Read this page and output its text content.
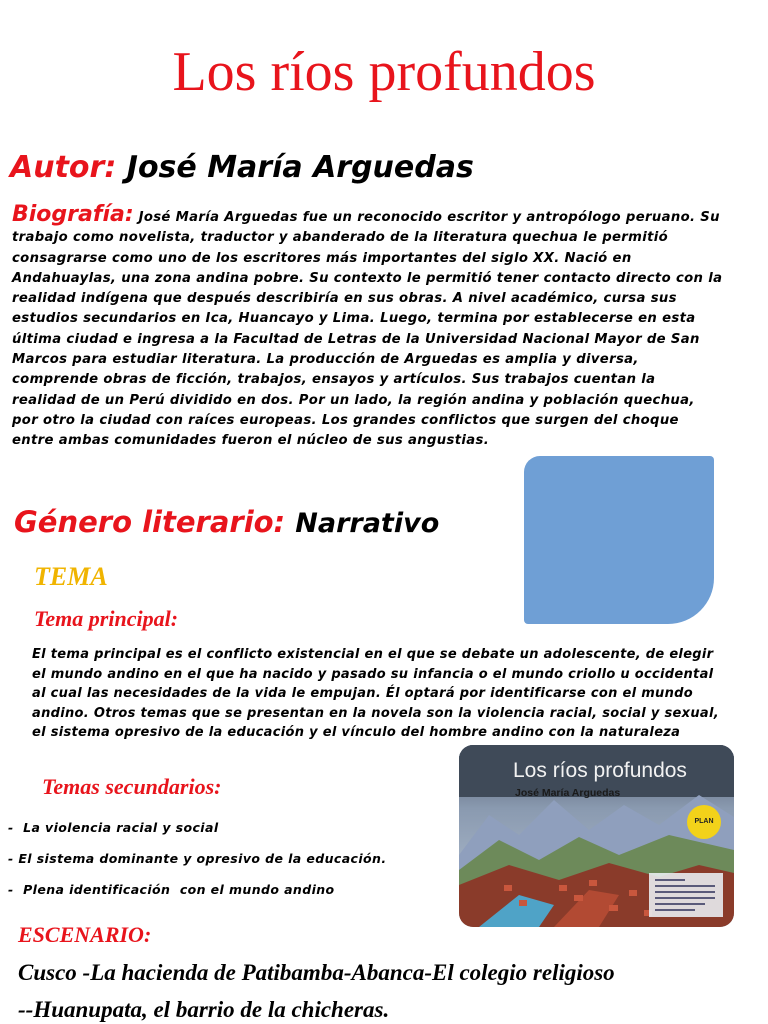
Los ríos profundos
Autor: José María Arguedas
Biografía: José María Arguedas fue un reconocido escritor y antropólogo peruano. Su trabajo como novelista, traductor y abanderado de la literatura quechua le permitió consagrarse como uno de los escritores más importantes del siglo XX. Nació en Andahuaylas, una zona andina pobre. Su contexto le permitió tener contacto directo con la realidad indígena que después describiría en sus obras. A nivel académico, cursa sus estudios secundarios en Ica, Huancayo y Lima. Luego, termina por establecerse en esta última ciudad e ingresa a la Facultad de Letras de la Universidad Nacional Mayor de San Marcos para estudiar literatura. La producción de Arguedas es amplia y diversa, comprende obras de ficción, trabajos, ensayos y artículos. Sus trabajos cuentan la realidad de un Perú dividido en dos. Por un lado, la región andina y población quechua, por otro la ciudad con raíces europeas. Los grandes conflictos que surgen del choque entre ambas comunidades fueron el núcleo de sus angustias.
Género literario: Narrativo
TEMA
Tema principal:
El tema principal es el conflicto existencial en el que se debate un adolescente, de elegir el mundo andino en el que ha nacido y pasado su infancia o el mundo criollo u occidental al cual las necesidades de la vida le empujan. Él optará por identificarse con el mundo andino. Otros temas que se presentan en la novela son la violencia racial, social y sexual, el sistema opresivo de la educación y el vínculo del hombre andino con la naturaleza
Temas secundarios:
-  La violencia racial y social
- El sistema dominante y opresivo de la educación.
-  Plena identificación  con el mundo andino
Los ríos profundos
José María Arguedas
PLAN
ESCENARIO:
Cusco -La hacienda de Patibamba-Abanca-El colegio religioso
--Huanupata, el barrio de la chicheras.
